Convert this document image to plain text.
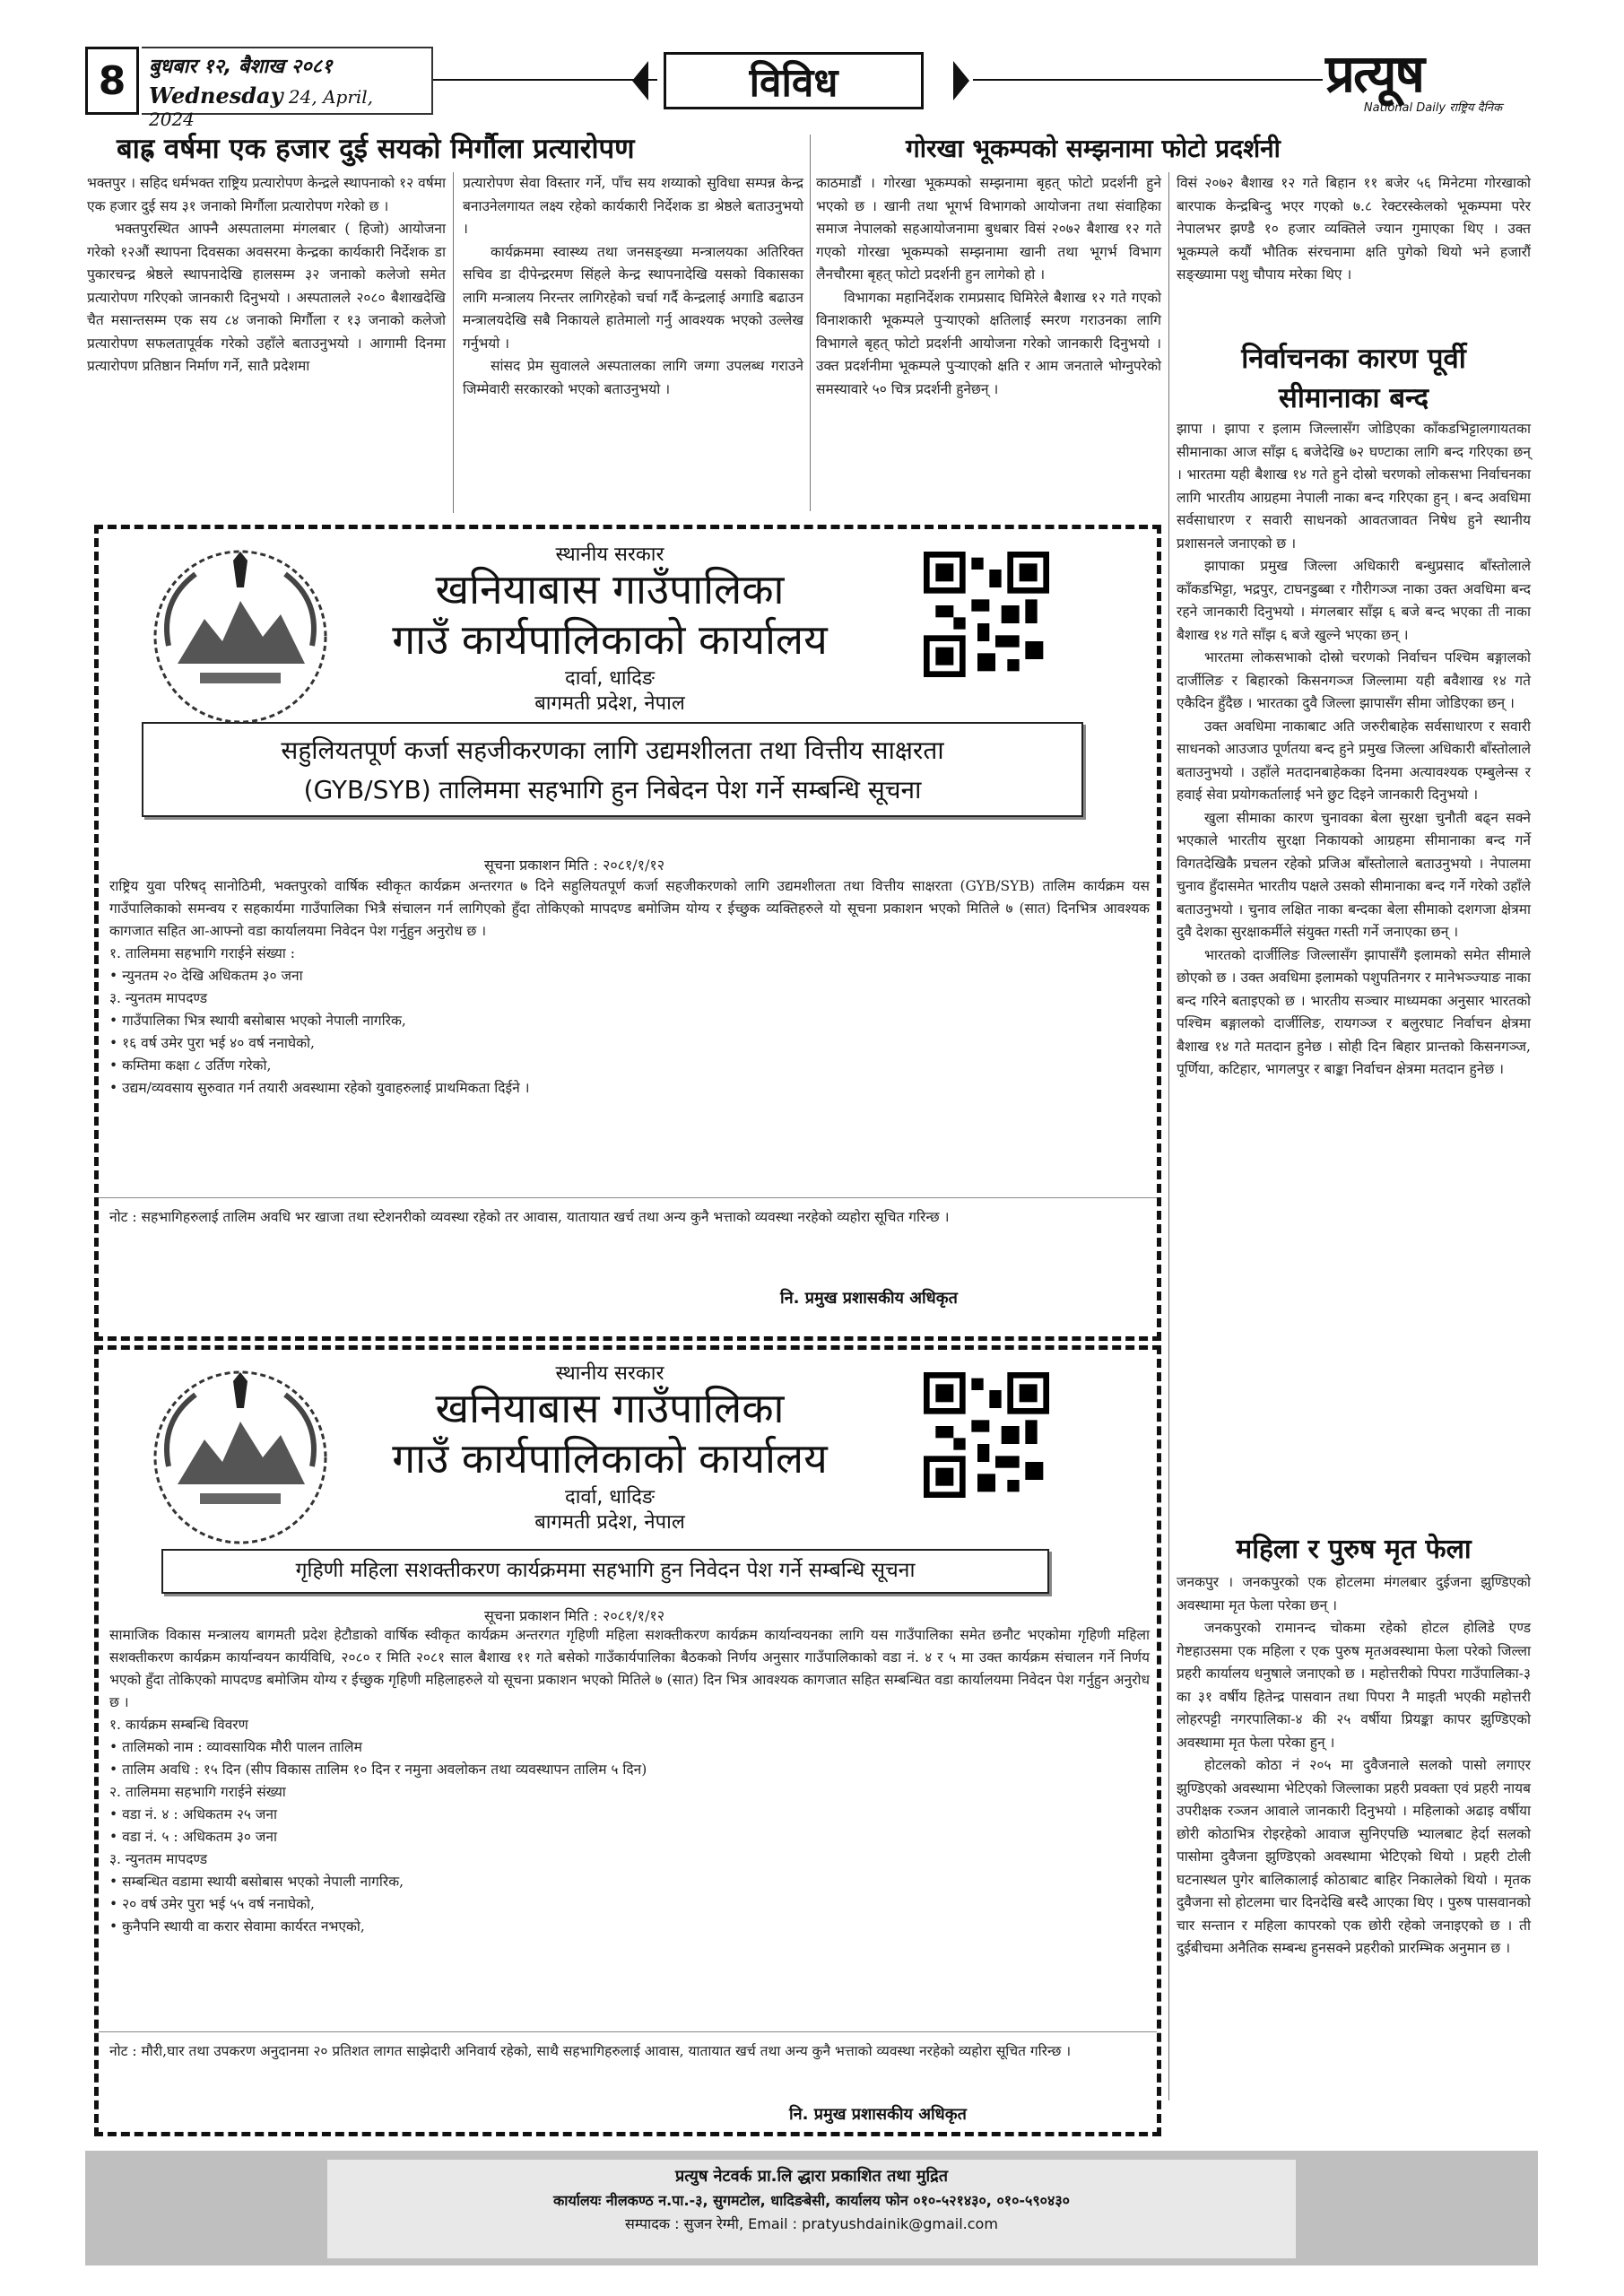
8	बुधबार १२, बैशाख २०८१
Wednesday 24, April, 2024
विविध	प्रत्यूष
National Daily राष्ट्रिय दैनिक
बाह्र वर्षमा एक हजार दुई सयको मिर्गौला प्रत्यारोपण

भक्तपुर । सहिद धर्मभक्त राष्ट्रिय प्रत्यारोपण केन्द्रले स्थापनाको १२ वर्षमा एक हजार दुई सय ३१ जनाको मिर्गौला प्रत्यारोपण गरेको छ ।

भक्तपुरस्थित आफ्नै अस्पतालमा मंगलबार ( हिजो) आयोजना गरेको १२औं स्थापना दिवसका अवसरमा केन्द्रका कार्यकारी निर्देशक डा पुकारचन्द्र श्रेष्ठले स्थापनादेखि हालसम्म ३२ जनाको कलेजो समेत प्रत्यारोपण गरिएको जानकारी दिनुभयो । अस्पतालले २०८० बैशाखदेखि चैत मसान्तसम्म एक सय ८४ जनाको मिर्गौला र १३ जनाको कलेजो प्रत्यारोपण सफलतापूर्वक गरेको उहाँले बताउनुभयो । आगामी दिनमा प्रत्यारोपण प्रतिष्ठान निर्माण गर्ने, सातै प्रदेशमा

प्रत्यारोपण सेवा विस्तार गर्ने, पाँच सय शय्याको सुविधा सम्पन्न केन्द्र बनाउनेलगायत लक्ष्य रहेको कार्यकारी निर्देशक डा श्रेष्ठले बताउनुभयो ।

कार्यक्रममा स्वास्थ्य तथा जनसङ्ख्या मन्त्रालयका अतिरिक्त सचिव डा दीपेन्द्ररमण सिंहले केन्द्र स्थापनादेखि यसको विकासका लागि मन्त्रालय निरन्तर लागिरहेको चर्चा गर्दै केन्द्रलाई अगाडि बढाउन मन्त्रालयदेखि सबै निकायले हातेमालो गर्नु आवश्यक भएको उल्लेख गर्नुभयो ।

सांसद प्रेम सुवालले अस्पतालका लागि जग्गा उपलब्ध गराउने जिम्मेवारी सरकारको भएको बताउनुभयो ।

गोरखा भूकम्पको सम्झनामा फोटो प्रदर्शनी

काठमाडौं । गोरखा भूकम्पको सम्झनामा बृहत् फोटो प्रदर्शनी हुने भएको छ । खानी तथा भूगर्भ विभागको आयोजना तथा संवाहिका समाज नेपालको सहआयोजनामा बुधबार विसं २०७२ बैशाख १२ गते गएको गोरखा भूकम्पको सम्झनामा खानी तथा भूगर्भ विभाग लैनचौरमा बृहत् फोटो प्रदर्शनी हुन लागेको हो ।

विभागका महानिर्देशक रामप्रसाद घिमिरेले बैशाख १२ गते गएको विनाशकारी भूकम्पले पुऱ्याएको क्षतिलाई स्मरण गराउनका लागि विभागले बृहत् फोटो प्रदर्शनी आयोजना गरेको जानकारी दिनुभयो । उक्त प्रदर्शनीमा भूकम्पले पुऱ्याएको क्षति र आम जनताले भोग्नुपरेको समस्यावारे ५० चित्र प्रदर्शनी हुनेछन् ।

विसं २०७२ बैशाख १२ गते बिहान ११ बजेर ५६ मिनेटमा गोरखाको बारपाक केन्द्रबिन्दु भएर गएको ७.८ रेक्टरस्केलको भूकम्पमा परेर नेपालभर झण्डै १० हजार व्यक्तिले ज्यान गुमाएका थिए । उक्त भूकम्पले कयौं भौतिक संरचनामा क्षति पुगेको थियो भने हजारौं सङ्ख्यामा पशु चौपाय मरेका थिए ।

निर्वाचनका कारण पूर्वी
सीमानाका बन्द

झापा । झापा र इलाम जिल्लासँग जोडिएका काँकडभिट्टालगायतका सीमानाका आज साँझ ६ बजेदेखि ७२ घण्टाका लागि बन्द गरिएका छन् । भारतमा यही बैशाख १४ गते हुने दोस्रो चरणको लोकसभा निर्वाचनका लागि भारतीय आग्रहमा नेपाली नाका बन्द गरिएका हुन् । बन्द अवधिमा सर्वसाधारण र सवारी साधनको आवतजावत निषेध हुने स्थानीय प्रशासनले जनाएको छ ।

झापाका प्रमुख जिल्ला अधिकारी बन्धुप्रसाद बाँस्तोलाले काँकडभिट्टा, भद्रपुर, टाघनडुब्बा र गौरीगञ्ज नाका उक्त अवधिमा बन्द रहने जानकारी दिनुभयो । मंगलबार साँझ ६ बजे बन्द भएका ती नाका बैशाख १४ गते साँझ ६ बजे खुल्ने भएका छन् ।

भारतमा लोकसभाको दोस्रो चरणको निर्वाचन पश्चिम बङ्गालको दार्जीलिङ र बिहारको किसनगञ्ज जिल्लामा यही बवैशाख १४ गते एकैदिन हुँदैछ । भारतका दुवै जिल्ला झापासँग सीमा जोडिएका छन् ।

उक्त अवधिमा नाकाबाट अति जरुरीबाहेक सर्वसाधारण र सवारी साधनको आउजाउ पूर्णतया बन्द हुने प्रमुख जिल्ला अधिकारी बाँस्तोलाले बताउनुभयो । उहाँले मतदानबाहेकका दिनमा अत्यावश्यक एम्बुलेन्स र हवाई सेवा प्रयोगकर्तालाई भने छुट दिइने जानकारी दिनुभयो ।

खुला सीमाका कारण चुनावका बेला सुरक्षा चुनौती बढ्न सक्ने भएकाले भारतीय सुरक्षा निकायको आग्रहमा सीमानाका बन्द गर्ने विगतदेखिकै प्रचलन रहेको प्रजिअ बाँस्तोलाले बताउनुभयो । नेपालमा चुनाव हुँदासमेत भारतीय पक्षले उसको सीमानाका बन्द गर्ने गरेको उहाँले बताउनुभयो । चुनाव लक्षित नाका बन्दका बेला सीमाको दशगजा क्षेत्रमा दुवै देशका सुरक्षाकर्मीले संयुक्त गस्ती गर्ने जनाएका छन् ।

भारतको दार्जीलिङ जिल्लासँग झापासँगै इलामको समेत सीमाले छोएको छ । उक्त अवधिमा इलामको पशुपतिनगर र मानेभञ्ज्याङ नाका बन्द गरिने बताइएको छ । भारतीय सञ्चार माध्यमका अनुसार भारतको पश्चिम बङ्गालको दार्जीलिङ, रायगञ्ज र बलुरघाट निर्वाचन क्षेत्रमा बैशाख १४ गते मतदान हुनेछ । सोही दिन बिहार प्रान्तको किसनगञ्ज, पूर्णिया, कटिहार, भागलपुर र बाङ्का निर्वाचन क्षेत्रमा मतदान हुनेछ ।

महिला र पुरुष मृत फेला

जनकपुर । जनकपुरको एक होटलमा मंगलबार दुईजना झुण्डिएको अवस्थामा मृत फेला परेका छन् ।

जनकपुरको रामानन्द चोकमा रहेको होटल होलिडे एण्ड गेष्टहाउसमा एक महिला र एक पुरुष मृतअवस्थामा फेला परेको जिल्ला प्रहरी कार्यालय धनुषाले जनाएको छ । महोत्तरीको पिपरा गाउँपालिका-३ का ३१ वर्षीय हितेन्द्र पासवान तथा पिपरा नै माइती भएकी महोत्तरी लोहरपट्टी नगरपालिका-४ की २५ वर्षीया प्रियङ्का कापर झुण्डिएको अवस्थामा मृत फेला परेका हुन् ।

होटलको कोठा नं २०५ मा दुवैजनाले सलको पासो लगाएर झुण्डिएको अवस्थामा भेटिएको जिल्लाका प्रहरी प्रवक्ता एवं प्रहरी नायब उपरीक्षक रञ्जन आवाले जानकारी दिनुभयो । महिलाको अढाइ वर्षीया छोरी कोठाभित्र रोइरहेको आवाज सुनिएपछि भ्यालबाट हेर्दा सलको पासोमा दुवैजना झुण्डिएको अवस्थामा भेटिएको थियो । प्रहरी टोली घटनास्थल पुगेर बालिकालाई कोठाबाट बाहिर निकालेको थियो । मृतक दुवैजना सो होटलमा चार दिनदेखि बस्दै आएका थिए । पुरुष पासवानको चार सन्तान र महिला कापरको एक छोरी रहेको जनाइएको छ । ती दुईबीचमा अनैतिक सम्बन्ध हुनसक्ने प्रहरीको प्रारम्भिक अनुमान छ ।

स्थानीय सरकार
खनियाबास गाउँपालिका
गाउँ कार्यपालिकाको कार्यालय
दार्वा, धादिङ
बागमती प्रदेश, नेपाल
सहुलियतपूर्ण कर्जा सहजीकरणका लागि उद्यमशीलता तथा वित्तीय साक्षरता
(GYB/SYB) तालिममा सहभागि हुन निबेदन पेश गर्ने सम्बन्धि सूचना
सूचना प्रकाशन मिति : २०८१/१/१२
राष्ट्रिय युवा परिषद् सानोठिमी, भक्तपुरको वार्षिक स्वीकृत कार्यक्रम अन्तरगत ७ दिने सहुलियतपूर्ण कर्जा सहजीकरणको लागि उद्यमशीलता तथा वित्तीय साक्षरता (GYB/SYB) तालिम कार्यक्रम यस गाउँपालिकाको समन्वय र सहकार्यमा गाउँपालिका भित्रै संचालन गर्न लागिएको हुँदा तोकिएको मापदण्ड बमोजिम योग्य र ईच्छुक व्यक्तिहरुले यो सूचना प्रकाशन भएको मितिले ७ (सात) दिनभित्र आवश्यक कागजात सहित आ-आफ्नो वडा कार्यालयमा निवेदन पेश गर्नुहुन अनुरोध छ ।
१. तालिममा सहभागि गराईने संख्या :
• न्युनतम २० देखि अधिकतम ३० जना
३. न्युनतम मापदण्ड
• गाउँपालिका भित्र स्थायी बसोबास भएको नेपाली नागरिक,
• १६ वर्ष उमेर पुरा भई ४० वर्ष ननाघेको,
• कम्तिमा कक्षा ८ उर्तिण गरेको,
• उद्यम/व्यवसाय सुरुवात गर्न तयारी अवस्थामा रहेको युवाहरुलाई प्राथमिकता दिईने ।
नोट : सहभागिहरुलाई तालिम अवधि भर खाजा तथा स्टेशनरीको व्यवस्था रहेको तर आवास, यातायात खर्च तथा अन्य कुनै भत्ताको व्यवस्था नरहेको व्यहोरा सूचित गरिन्छ ।
नि. प्रमुख प्रशासकीय अधिकृत
स्थानीय सरकार
खनियाबास गाउँपालिका
गाउँ कार्यपालिकाको कार्यालय
दार्वा, धादिङ
बागमती प्रदेश, नेपाल
गृहिणी महिला सशक्तीकरण कार्यक्रममा सहभागि हुन निवेदन पेश गर्ने सम्बन्धि सूचना
सूचना प्रकाशन मिति : २०८१/१/१२
सामाजिक विकास मन्त्रालय बागमती प्रदेश हेटौडाको वार्षिक स्वीकृत कार्यक्रम अन्तरगत गृहिणी महिला सशक्तीकरण कार्यक्रम कार्यान्वयनका लागि यस गाउँपालिका समेत छनौट भएकोमा गृहिणी महिला सशक्तीकरण कार्यक्रम कार्यान्वयन कार्यविधि, २०८० र मिति २०८१ साल बैशाख ११ गते बसेको गाउँकार्यपालिका बैठकको निर्णय अनुसार गाउँपालिकाको वडा नं. ४ र ५ मा उक्त कार्यक्रम संचालन गर्ने निर्णय भएको हुँदा तोकिएको मापदण्ड बमोजिम योग्य र ईच्छुक गृहिणी महिलाहरुले यो सूचना प्रकाशन भएको मितिले ७ (सात) दिन भित्र आवश्यक कागजात सहित सम्बन्धित वडा कार्यालयमा निवेदन पेश गर्नुहुन अनुरोध छ ।
१. कार्यक्रम सम्बन्धि विवरण
• तालिमको नाम : व्यावसायिक मौरी पालन तालिम
• तालिम अवधि : १५ दिन (सीप विकास तालिम १० दिन र नमुना अवलोकन तथा व्यवस्थापन तालिम ५ दिन)
२. तालिममा सहभागि गराईने संख्या
• वडा नं. ४ : अधिकतम २५ जना
• वडा नं. ५ : अधिकतम ३० जना
३. न्युनतम मापदण्ड
• सम्बन्धित वडामा स्थायी बसोबास भएको नेपाली नागरिक,
• २० वर्ष उमेर पुरा भई ५५ वर्ष ननाघेको,
• कुनैपनि स्थायी वा करार सेवामा कार्यरत नभएको,
नोट : मौरी,घार तथा उपकरण अनुदानमा २० प्रतिशत लागत साझेदारी अनिवार्य रहेको, साथै सहभागिहरुलाई आवास, यातायात खर्च तथा अन्य कुनै भत्ताको व्यवस्था नरहेको व्यहोरा सूचित गरिन्छ ।
नि. प्रमुख प्रशासकीय अधिकृत
प्रत्युष नेटवर्क प्रा.लि द्धारा प्रकाशित तथा मुद्रित
कार्यालयः नीलकण्ठ न.पा.-३, सुगमटोल, धादिङबेसी, कार्यालय फोन ०१०-५२१४३०, ०१०-५९०४३०
सम्पादक : सुजन रेग्मी, Email : pratyushdainik@gmail.com
